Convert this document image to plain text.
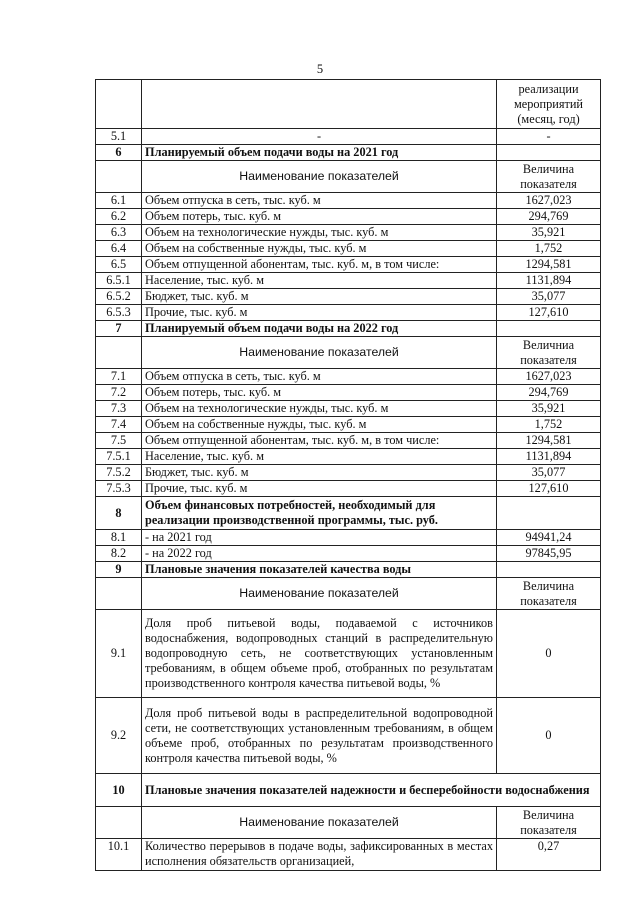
5
		реализации мероприятий (месяц, год)
5.1	-	-
6	Планируемый объем подачи воды на 2021 год	
	Наименование показателей	Величина показателя
6.1	Объем отпуска в сеть, тыс. куб. м	1627,023
6.2	Объем потерь, тыс. куб. м	294,769
6.3	Объем на технологические нужды, тыс. куб. м	35,921
6.4	Объем на собственные нужды, тыс. куб. м	1,752
6.5	Объем отпущенной абонентам, тыс. куб. м, в том числе:	1294,581
6.5.1	Население, тыс. куб. м	1131,894
6.5.2	Бюджет, тыс. куб. м	35,077
6.5.3	Прочие, тыс. куб. м	127,610
7	Планируемый объем подачи воды на 2022 год	
	Наименование показателей	Величниа показателя
7.1	Объем отпуска в сеть, тыс. куб. м	1627,023
7.2	Объем потерь, тыс. куб. м	294,769
7.3	Объем на технологические нужды, тыс. куб. м	35,921
7.4	Объем на собственные нужды, тыс. куб. м	1,752
7.5	Объем отпущенной абонентам, тыс. куб. м, в том числе:	1294,581
7.5.1	Население, тыс. куб. м	1131,894
7.5.2	Бюджет, тыс. куб. м	35,077
7.5.3	Прочие, тыс. куб. м	127,610
8	Объем финансовых потребностей, необходимый для реализации производственной программы, тыс. руб.	
8.1	- на 2021 год	94941,24
8.2	- на 2022 год	97845,95
9	Плановые значения показателей качества воды	
	Наименование показателей	Величина показателя
9.1	Доля проб питьевой воды, подаваемой с источников водоснабжения, водопроводных станций в распределительную водопроводную сеть, не соответствующих установленным требованиям, в общем объеме проб, отобранных по результатам производственного контроля качества питьевой воды, %	0
9.2	Доля проб питьевой воды в распределительной водопроводной сети, не соответствующих установленным требованиям, в общем объеме проб, отобранных по результатам производственного контроля качества питьевой воды, %	0
10	Плановые значения показателей надежности и бесперебойности водоснабжения	
	Наименование показателей	Величина показателя
10.1	Количество перерывов в подаче воды, зафиксированных в местах исполнения обязательств организацией,	0,27
